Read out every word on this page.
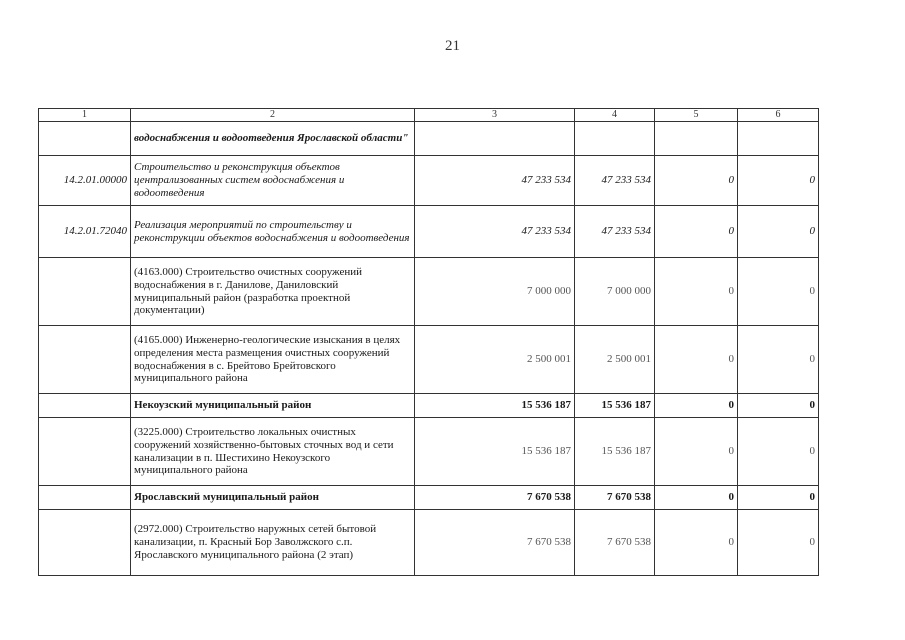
21
1	2	3	4	5	6
	водоснабжения и водоотведения Ярославской области"				
14.2.01.00000	Строительство и реконструкция объектов централизованных систем водоснабжения и водоотведения	47 233 534	47 233 534	0	0
14.2.01.72040	Реализация мероприятий по строительству и реконструкции объектов водоснабжения и водоотведения	47 233 534	47 233 534	0	0
	(4163.000) Строительство очистных сооружений водоснабжения в г. Данилове, Даниловский муниципальный район (разработка проектной документации)	7 000 000	7 000 000	0	0
	(4165.000) Инженерно-геологические изыскания в целях определения места размещения очистных сооружений водоснабжения в с. Брейтово Брейтовского муниципального района	2 500 001	2 500 001	0	0
	Некоузский муниципальный район	15 536 187	15 536 187	0	0
	(3225.000) Строительство локальных очистных сооружений хозяйственно-бытовых сточных вод и сети канализации в п. Шестихино Некоузского муниципального района	15 536 187	15 536 187	0	0
	Ярославский муниципальный район	7 670 538	7 670 538	0	0
	(2972.000) Строительство наружных сетей бытовой канализации, п. Красный Бор Заволжского с.п. Ярославского муниципального района (2 этап)	7 670 538	7 670 538	0	0
